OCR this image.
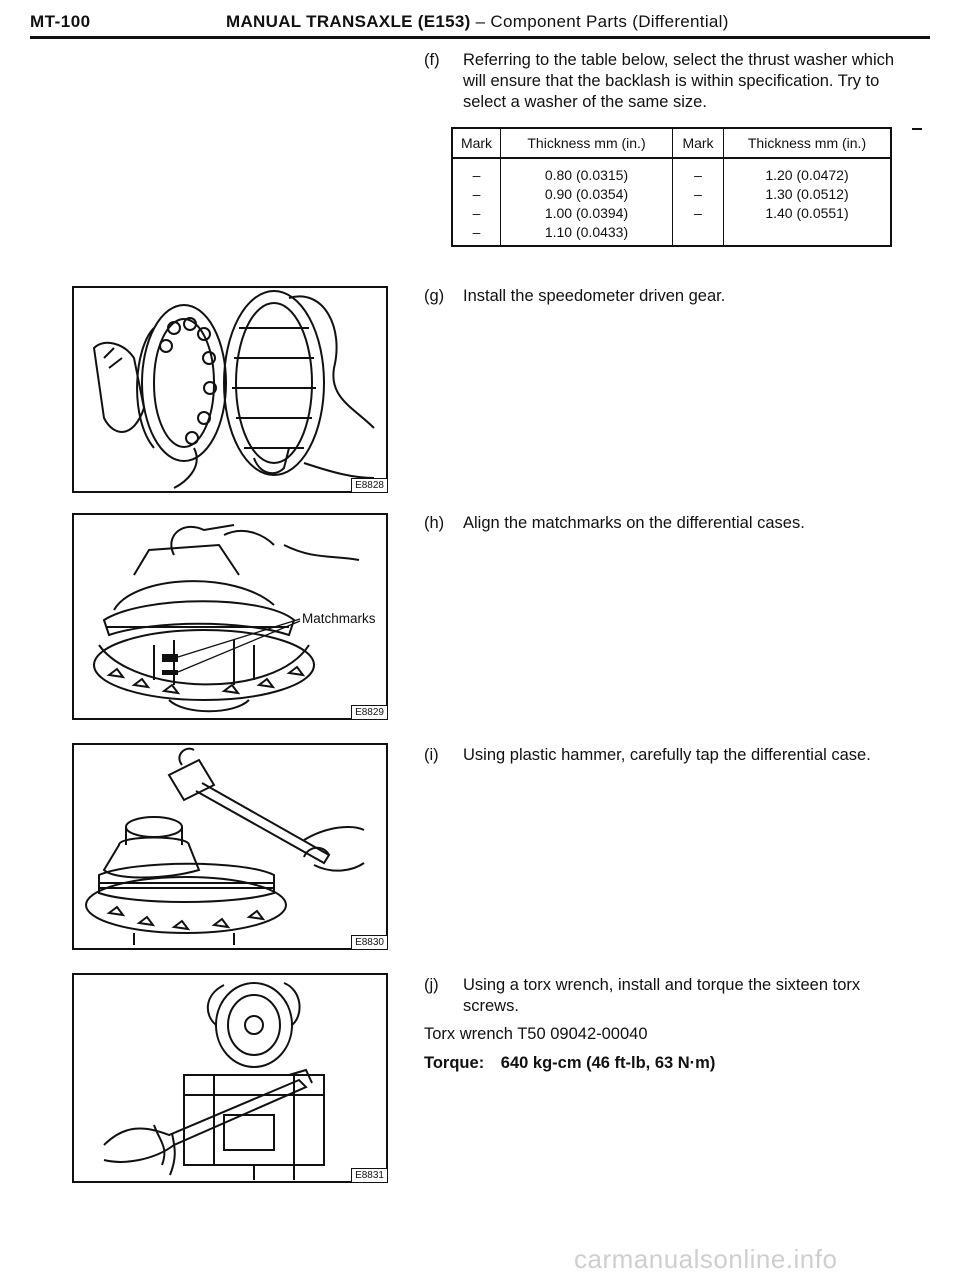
MT-100	MANUAL TRANSAXLE (E153) – Component Parts (Differential)
(f) Referring to the table below, select the thrust washer which will ensure that the backlash is within specification. Try to select a washer of the same size.
Mark	Thickness mm (in.)	Mark	Thickness mm (in.)
–	0.80 (0.0315)	–	1.20 (0.0472)
–	0.90 (0.0354)	–	1.30 (0.0512)
–	1.00 (0.0394)	–	1.40 (0.0551)
–	1.10 (0.0433)		
E8828
(g) Install the speedometer driven gear.
Matchmarks
E8829
(h) Align the matchmarks on the differential cases.
E8830
(i) Using plastic hammer, carefully tap the differential case.
E8831
(j) Using a torx wrench, install and torque the sixteen torx screws.
Torx wrench T50 09042-00040
Torque: 640 kg-cm (46 ft-lb, 63 N·m)
carmanualsonline.info
